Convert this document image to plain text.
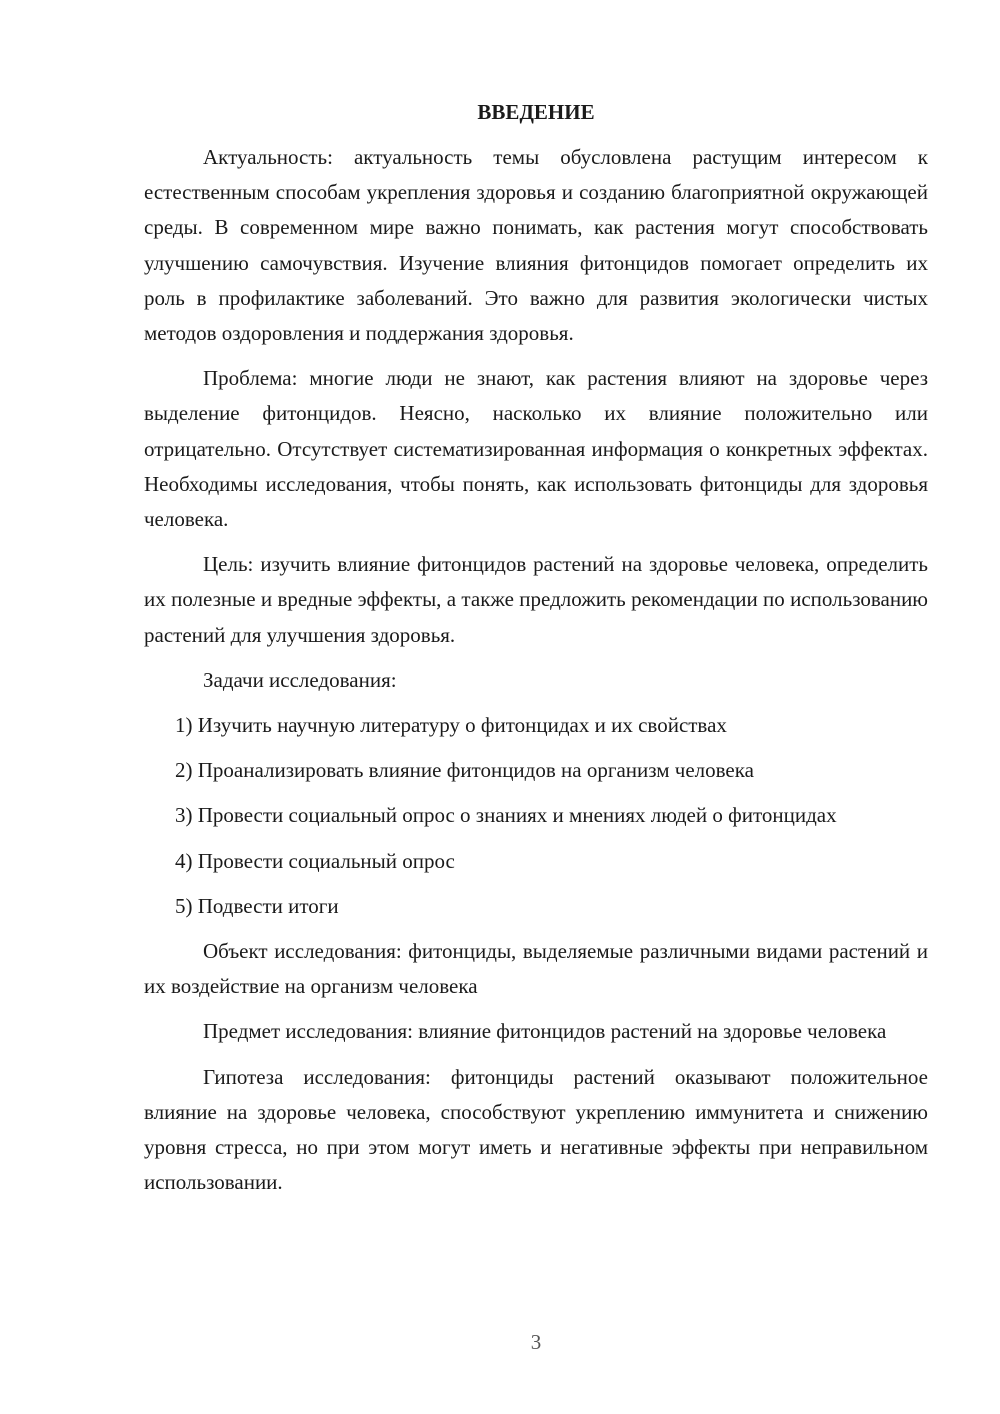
ВВЕДЕНИЕ

Актуальность: актуальность темы обусловлена растущим интересом к естественным способам укрепления здоровья и созданию благоприятной окружающей среды. В современном мире важно понимать, как растения могут способствовать улучшению самочувствия. Изучение влияния фитонцидов помогает определить их роль в профилактике заболеваний. Это важно для развития экологически чистых методов оздоровления и поддержания здоровья.

Проблема: многие люди не знают, как растения влияют на здоровье через выделение фитонцидов. Неясно, насколько их влияние положительно или отрицательно. Отсутствует систематизированная информация о конкретных эффектах. Необходимы исследования, чтобы понять, как использовать фитонциды для здоровья человека.

Цель: изучить влияние фитонцидов растений на здоровье человека, определить их полезные и вредные эффекты, а также предложить рекомендации по использованию растений для улучшения здоровья.

Задачи исследования:

1) Изучить научную литературу о фитонцидах и их свойствах

2) Проанализировать влияние фитонцидов на организм человека

3) Провести социальный опрос о знаниях и мнениях людей о фитонцидах

4) Провести социальный опрос

5) Подвести итоги

Объект исследования: фитонциды, выделяемые различными видами растений и их воздействие на организм человека

Предмет исследования: влияние фитонцидов растений на здоровье человека

Гипотеза исследования: фитонциды растений оказывают положительное влияние на здоровье человека, способствуют укреплению иммунитета и снижению уровня стресса, но при этом могут иметь и негативные эффекты при неправильном использовании.

3
